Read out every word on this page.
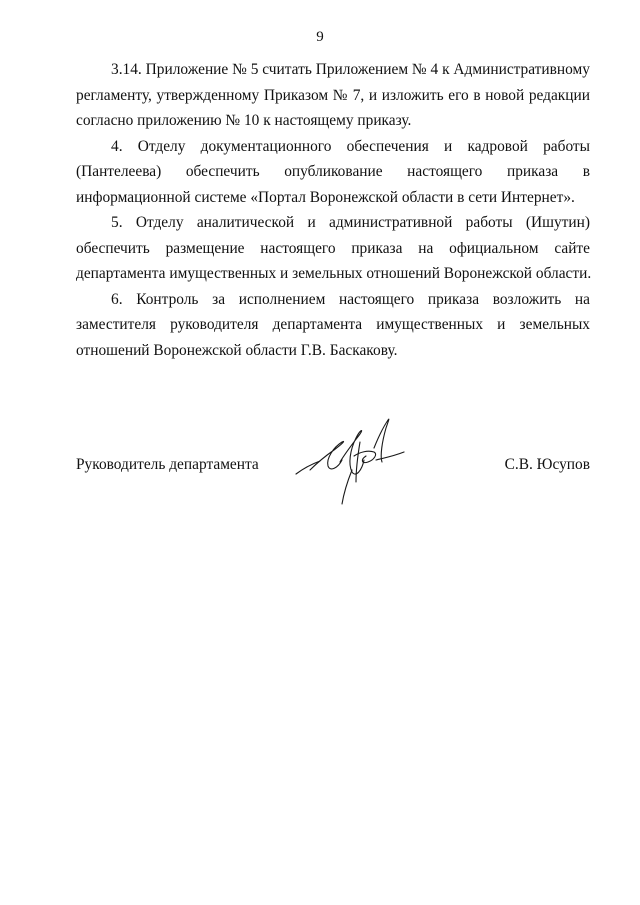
9
3.14. Приложение № 5 считать Приложением № 4 к Административному
регламенту, утвержденному Приказом № 7, и изложить его в новой редакции
согласно приложению № 10 к настоящему приказу.
4. Отделу документационного обеспечения и кадровой работы
(Пантелеева) обеспечить опубликование настоящего приказа в
информационной системе «Портал Воронежской области в сети Интернет».
5. Отделу аналитической и административной работы (Ишутин)
обеспечить размещение настоящего приказа на официальном сайте
департамента имущественных и земельных отношений Воронежской области.
6. Контроль за исполнением настоящего приказа возложить на
заместителя руководителя департамента имущественных и земельных
отношений Воронежской области Г.В. Баскакову.
Руководитель департамента	С.В. Юсупов
